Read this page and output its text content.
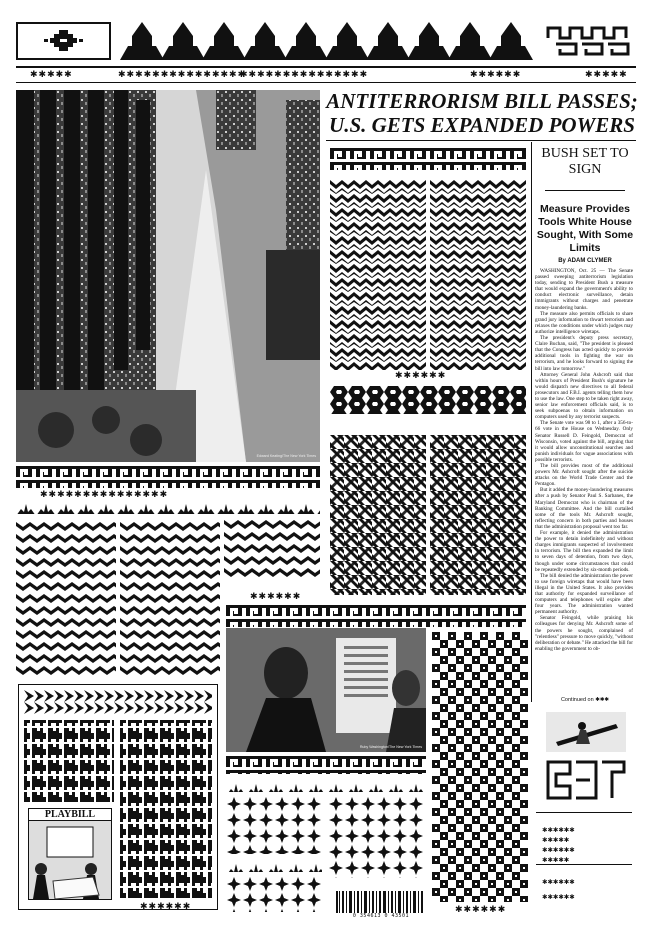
✱✱✱✱✱	✱✱✱✱✱✱✱✱✱✱✱✱✱✱✱
✱✱✱✱✱✱✱✱✱✱✱✱✱✱✱	✱✱✱✱✱✱	✱✱✱✱✱
Edward Keating/The New York Times
ANTITERRORISM BILL PASSES;
U.S. GETS EXPANDED POWERS
BUSH SET TO SIGN
Measure Provides Tools White House Sought, With Some Limits
By ADAM CLYMER

WASHINGTON, Oct. 25 — The Senate passed sweeping antiterrorism legislation today, sending to President Bush a measure that would expand the government's ability to conduct electronic surveillance, detain immigrants without charges and penetrate money-laundering banks.

The measure also permits officials to share grand jury information to thwart terrorism and relaxes the conditions under which judges may authorize intelligence wiretaps.

The president's deputy press secretary, Claire Buchan, said, "The president is pleased that the Congress has acted quickly to provide additional tools in fighting the war on terrorism, and he looks forward to signing the bill into law tomorrow."

Attorney General John Ashcroft said that within hours of President Bush's signature he would dispatch new directives to all federal prosecutors and F.B.I. agents telling them how to use the law. One step to be taken right away, senior law enforcement officials said, is to seek subpoenas to obtain information on computers used by any terrorist suspects.

The Senate vote was 98 to 1, after a 356-to-66 vote in the House on Wednesday. Only Senator Russell D. Feingold, Democrat of Wisconsin, voted against the bill, arguing that it would allow unconstitutional searches and punish individuals for vague associations with possible terrorists.

The bill provides most of the additional powers Mr. Ashcroft sought after the suicide attacks on the World Trade Center and the Pentagon.

But it added the money-laundering measures after a push by Senator Paul S. Sarbanes, the Maryland Democrat who is chairman of the Banking Committee. And the bill curtailed some of the tools Mr. Ashcroft sought, reflecting concern in both parties and houses that the administration proposal went too far.

For example, it denied the administration the power to detain indefinitely and without charges immigrants suspected of involvement in terrorism. The bill then expanded the limit to seven days of detention, from two days, though under some circumstances that could be repeatedly extended by six-month periods.

The bill denied the administration the power to use foreign wiretaps that would have been illegal in the United States. It also provides that authority for expanded surveillance of computers and telephones will expire after four years. The administration wanted permanent authority.

Senator Feingold, while praising his colleagues for denying Mr. Ashcroft some of the powers he sought, complained of "relentless" pressure to move quickly, "without deliberation or debate." He attacked the bill for enabling the government to ob-

Continued on ✱✱✱

✱✱✱✱✱✱

✱✱✱✱✱

✱✱✱✱✱✱

✱✱✱✱✱

✱✱✱✱✱✱

✱✱✱✱✱✱

✱✱✱✱✱✱
✱✱✱✱✱✱✱✱✱✱✱✱✱✱✱
✱✱✱✱✱✱
Ruby Washington/The New York Times
✱✱✱✱✱✱
0 354613 0 43501
PLAYBILL
✱✱✱✱✱✱
